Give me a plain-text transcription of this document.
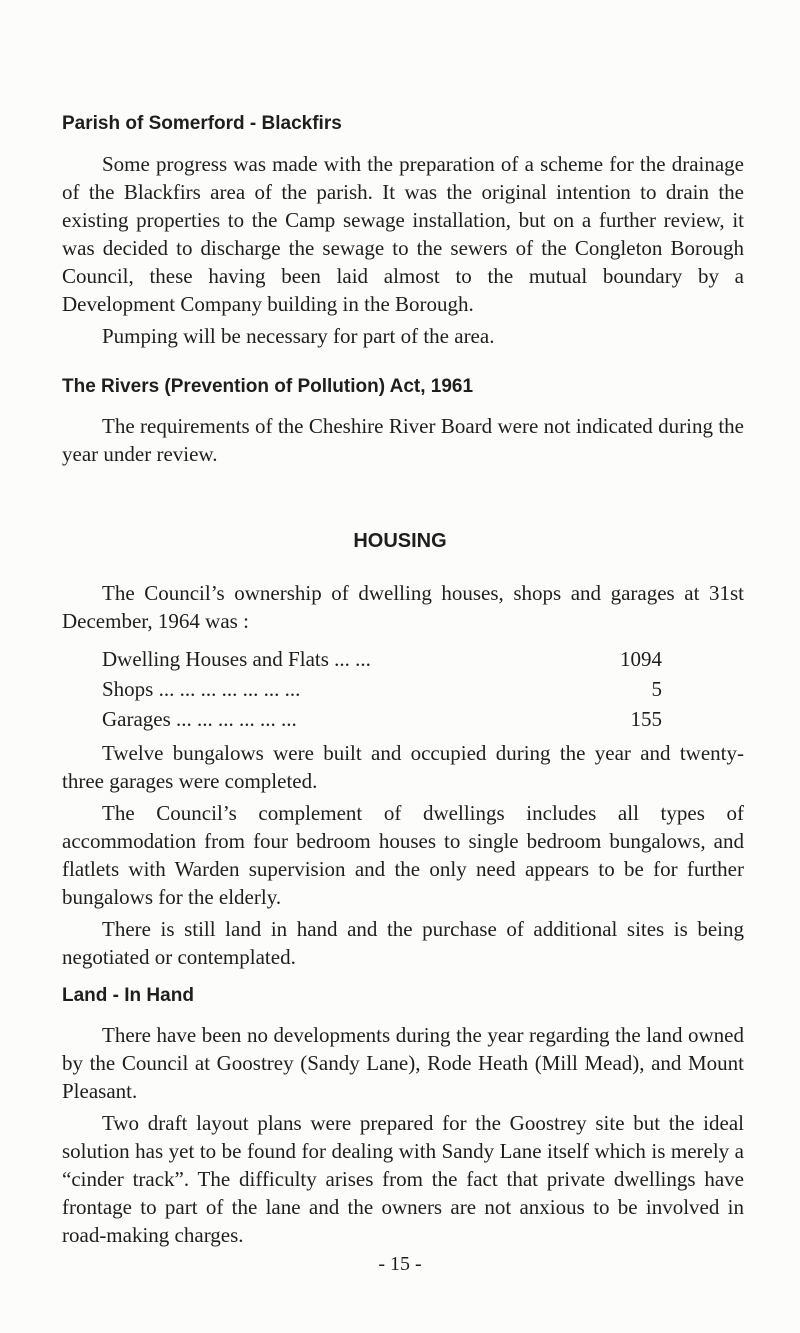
Parish of Somerford - Blackfirs

Some progress was made with the preparation of a scheme for the drainage of the Blackfirs area of the parish. It was the original intention to drain the existing properties to the Camp sewage installation, but on a further review, it was decided to discharge the sewage to the sewers of the Congleton Borough Council, these having been laid almost to the mutual boundary by a Development Company building in the Borough.

Pumping will be necessary for part of the area.

The Rivers (Prevention of Pollution) Act, 1961

The requirements of the Cheshire River Board were not indicated during the year under review.

HOUSING

The Council’s ownership of dwelling houses, shops and garages at 31st December, 1964 was :

Dwelling Houses and Flats ... ...	1094
Shops ... ... ... ... ... ... ...	5
Garages ... ... ... ... ... ...	155

Twelve bungalows were built and occupied during the year and twenty-three garages were completed.

The Council’s complement of dwellings includes all types of accommodation from four bedroom houses to single bedroom bungalows, and flatlets with Warden supervision and the only need appears to be for further bungalows for the elderly.

There is still land in hand and the purchase of additional sites is being negotiated or contemplated.

Land - In Hand

There have been no developments during the year regarding the land owned by the Council at Goostrey (Sandy Lane), Rode Heath (Mill Mead), and Mount Pleasant.

Two draft layout plans were prepared for the Goostrey site but the ideal solution has yet to be found for dealing with Sandy Lane itself which is merely a “cinder track”. The difficulty arises from the fact that private dwellings have frontage to part of the lane and the owners are not anxious to be involved in road-making charges.

- 15 -
